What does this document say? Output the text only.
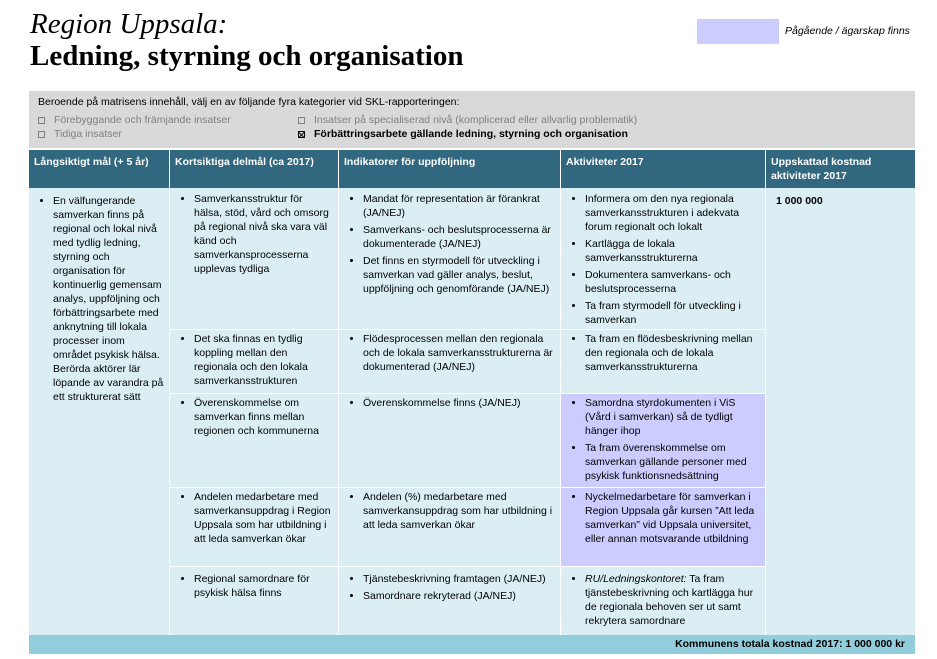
Region Uppsala:
Ledning, styrning och organisation
Pågående / ägarskap finns
Beroende på matrisens innehåll, välj en av följande fyra kategorier vid SKL-rapporteringen:
Förebyggande och främjande insatser
Tidiga insatser
Insatser på specialiserad nivå (komplicerad eller allvarlig problematik)
Förbättringsarbete gällande ledning, styrning och organisation
Långsiktigt mål (+ 5 år)	Kortsiktiga delmål (ca 2017)	Indikatorer för uppföljning	Aktiviteter 2017	Uppskattad kostnad aktiviteter 2017
• En välfungerande samverkan finns på regional och lokal nivå med tydlig ledning, styrning och organisation för kontinuerlig gemensam analys, uppföljning och förbättringsarbete med anknytning till lokala processer inom området psykisk hälsa. Berörda aktörer lär löpande av varandra på ett strukturerat sätt
• Samverkansstruktur för hälsa, stöd, vård och omsorg på regional nivå ska vara väl känd och samverkansprocesserna upplevas tydliga
• Mandat för representation är förankrat (JA/NEJ)
• Samverkans- och beslutsprocesserna är dokumenterade (JA/NEJ)
• Det finns en styrmodell för utveckling i samverkan vad gäller analys, beslut, uppföljning och genomförande (JA/NEJ)
• Informera om den nya regionala samverkansstrukturen i adekvata forum regionalt och lokalt
• Kartlägga de lokala samverkansstrukturerna
• Dokumentera samverkans- och beslutsprocesserna
• Ta fram styrmodell för utveckling i samverkan
• Det ska finnas en tydlig koppling mellan den regionala och den lokala samverkansstrukturen
• Flödesprocessen mellan den regionala och de lokala samverkansstrukturerna är dokumenterad (JA/NEJ)
• Ta fram en flödesbeskrivning mellan den regionala och de lokala samverkansstrukturerna
• Överenskommelse om samverkan finns mellan regionen och kommunerna
• Överenskommelse finns (JA/NEJ)
•	Samordna styrdokumenten i ViS (Vård i samverkan) så de tydligt hänger ihop
• Ta fram överenskommelse om samverkan gällande personer med psykisk funktionsnedsättning
• Andelen medarbetare med samverkansuppdrag i Region Uppsala som har utbildning i att leda samverkan ökar
• Andelen (%) medarbetare med samverkansuppdrag som har utbildning i att leda samverkan ökar
• Nyckelmedarbetare för samverkan i Region Uppsala går kursen ”Att leda samverkan” vid Uppsala universitet, eller annan motsvarande utbildning
• Regional samordnare för psykisk hälsa finns
• Tjänstebeskrivning framtagen (JA/NEJ)
• Samordnare rekryterad (JA/NEJ)
• RU/Ledningskontoret: Ta fram tjänstebeskrivning och kartlägga hur de regionala behoven ser ut samt rekrytera samordnare
1 000 000
Kommunens totala kostnad 2017: 1 000 000 kr
